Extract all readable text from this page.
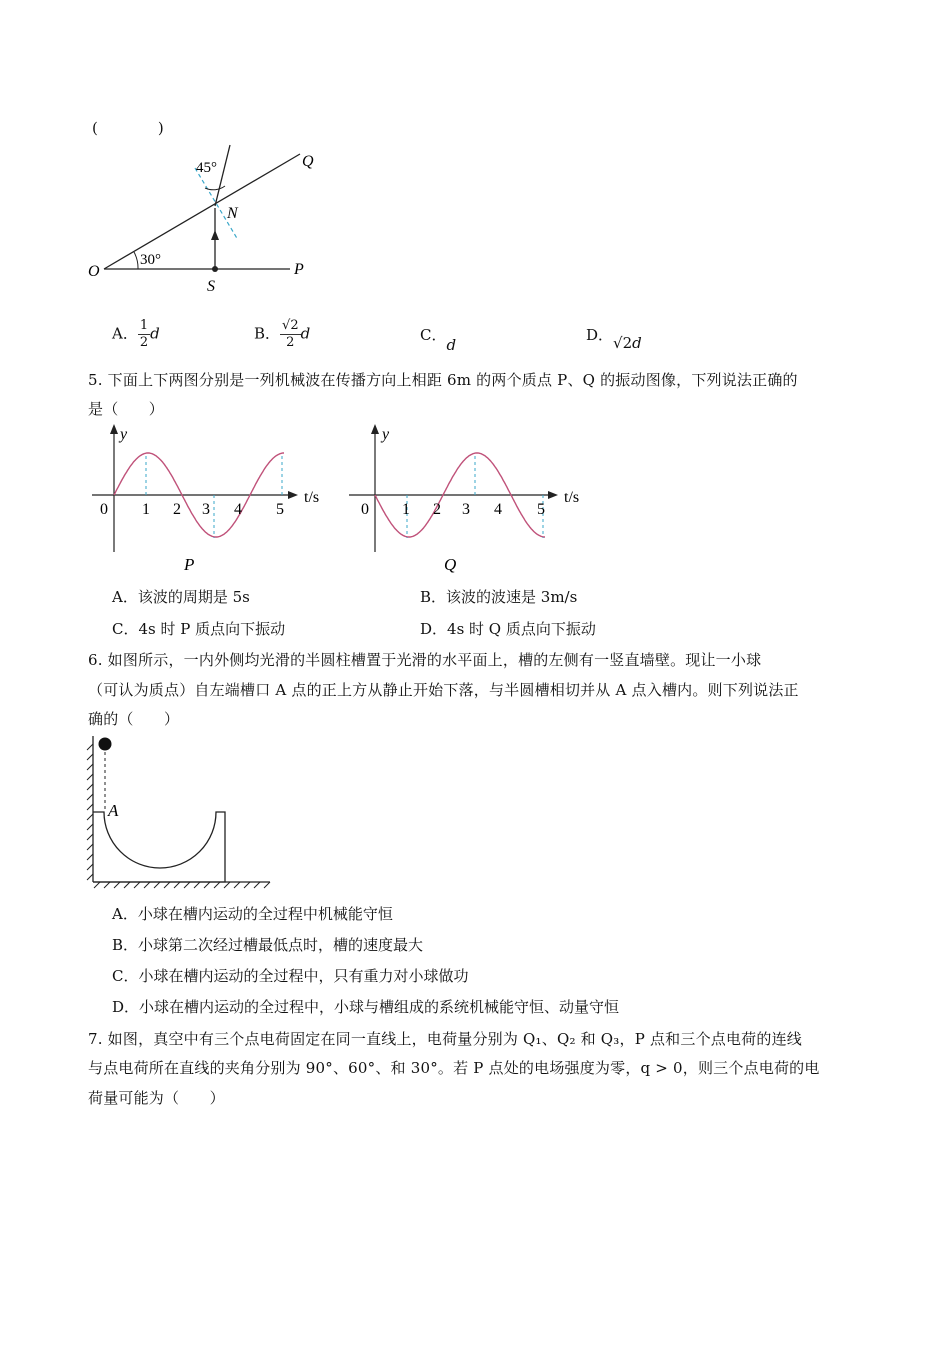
(　　　　)
45°
30°
O	P
Q
N
S
A． $\frac{1}{2}$ d	B． $\frac{√2}{2}$ d	C．d
D．√2d
5. 下面上下两图分别是一列机械波在传播方向上相距 6m 的两个质点 P、Q 的振动图像，下列说法正确的
是（　　）
y
t/s
0 1 2 3 4 5
P
y
t/s
0 1 2 3 4 5
Q
A．该波的周期是 5s	B．该波的波速是 3m/s
C．4s 时 P 质点向下振动	D．4s 时 Q 质点向下振动
6. 如图所示，一内外侧均光滑的半圆柱槽置于光滑的水平面上，槽的左侧有一竖直墙壁。现让一小球
（可认为质点）自左端槽口 A 点的正上方从静止开始下落，与半圆槽相切并从 A 点入槽内。则下列说法正
确的（　　）
A
A．小球在槽内运动的全过程中机械能守恒
B．小球第二次经过槽最低点时，槽的速度最大
C．小球在槽内运动的全过程中，只有重力对小球做功
D．小球在槽内运动的全过程中，小球与槽组成的系统机械能守恒、动量守恒
7. 如图，真空中有三个点电荷固定在同一直线上，电荷量分别为 Q₁、Q₂ 和 Q₃，P 点和三个点电荷的连线
与点电荷所在直线的夹角分别为 90°、60°、和 30°。若 P 点处的电场强度为零，q > 0，则三个点电荷的电
荷量可能为（　　）
